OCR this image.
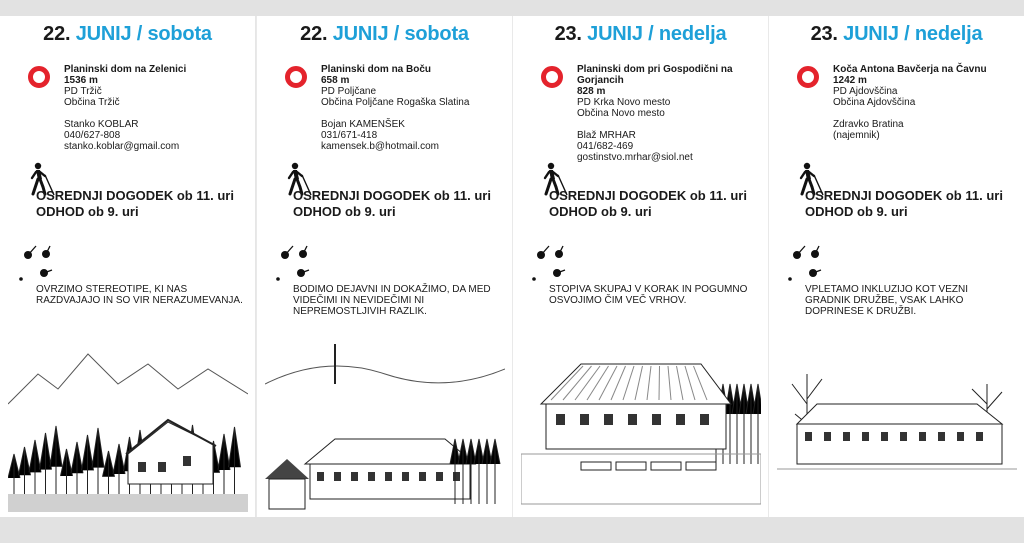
22. JUNIJ / sobota
Planinski dom na Zelenici
1536 m
PD Tržič
Občina Tržič
Stanko KOBLAR
040/627-808
stanko.koblar@gmail.com
OSREDNJI DOGODEK ob 11. uri
ODHOD ob 9. uri
OVRZIMO STEREOTIPE, KI NAS RAZDVAJAJO IN SO VIR NERAZUMEVANJA.
22. JUNIJ / sobota
Planinski dom na Boču
658 m
PD Poljčane
Občina Poljčane Rogaška Slatina
Bojan KAMENŠEK
031/671-418
kamensek.b@hotmail.com
OSREDNJI DOGODEK ob 11. uri
ODHOD ob 9. uri
BODIMO DEJAVNI IN DOKAŽIMO, DA MED VIDEČIMI IN NEVIDEČIMI NI NEPREMOSTLJIVIH RAZLIK.
23. JUNIJ / nedelja
Planinski dom pri Gospodični na Gorjancih
828 m
PD Krka Novo mesto
Občina Novo mesto
Blaž MRHAR
041/682-469
gostinstvo.mrhar@siol.net
OSREDNJI DOGODEK ob 11. uri
ODHOD ob 9. uri
STOPIVA SKUPAJ V KORAK IN POGUMNO OSVOJIMO ČIM VEČ VRHOV.
23. JUNIJ / nedelja
Koča Antona Bavčerja na Čavnu
1242 m
PD Ajdovščina
Občina Ajdovščina
Zdravko Bratina
(najemnik)
OSREDNJI DOGODEK ob 11. uri
ODHOD ob 9. uri
VPLETAMO INKLUZIJO KOT VEZNI GRADNIK DRUŽBE, VSAK LAHKO DOPRINESE K DRUŽBI.
